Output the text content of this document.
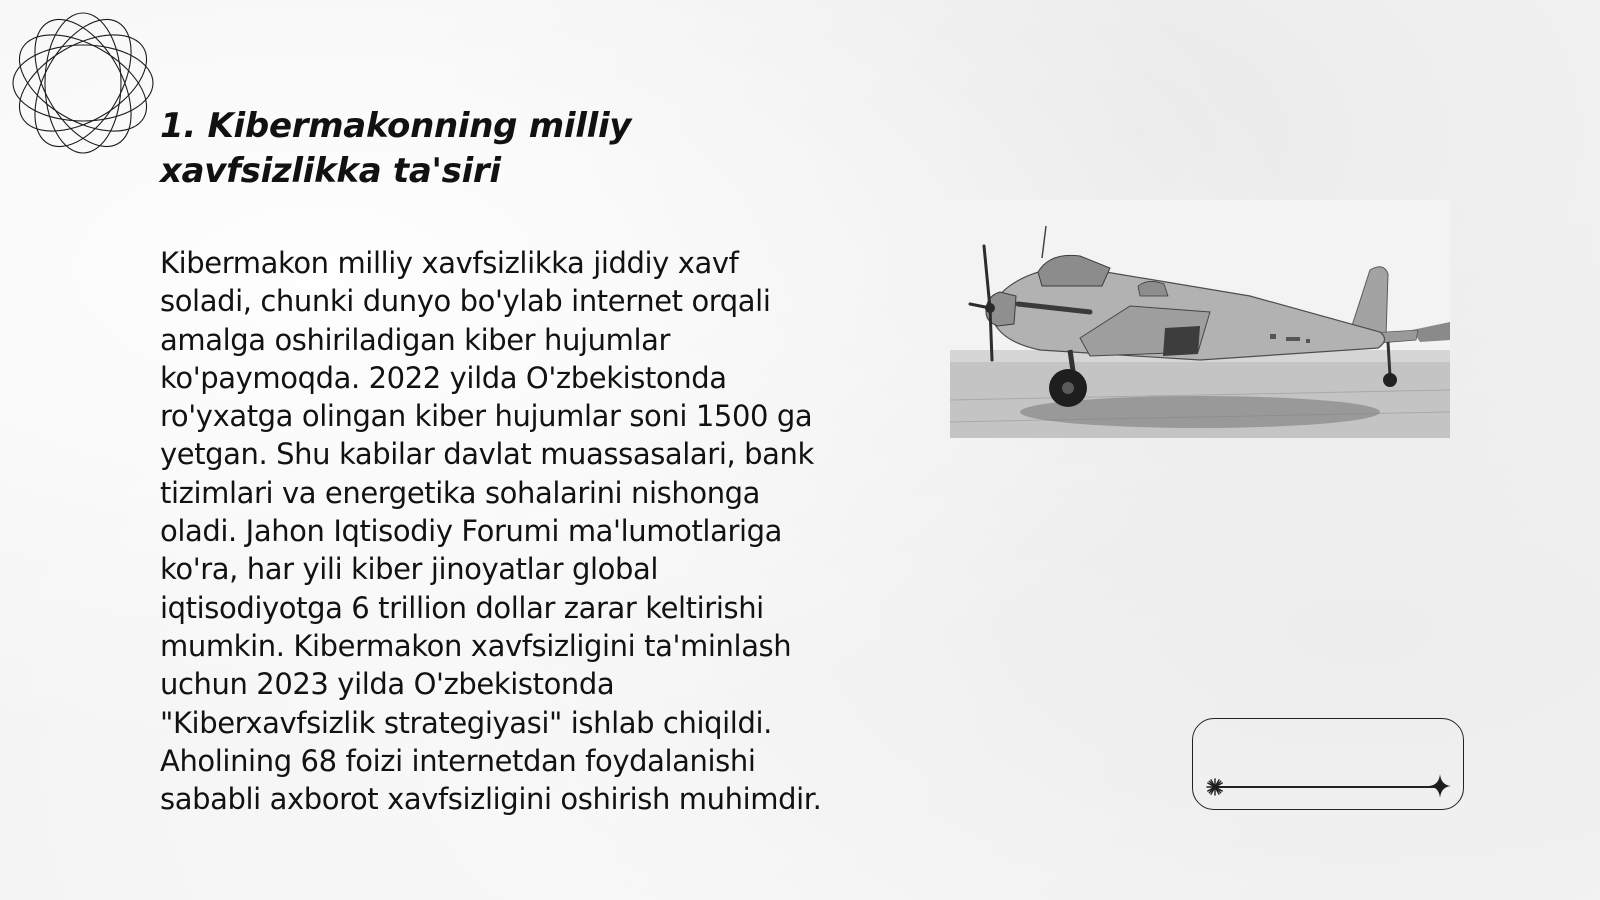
1. Kibermakonning milliy xavfsizlikka ta'siri

Kibermakon milliy xavfsizlikka jiddiy xavf soladi, chunki dunyo bo'ylab internet orqali amalga oshiriladigan kiber hujumlar ko'paymoqda. 2022 yilda O'zbekistonda ro'yxatga olingan kiber hujumlar soni 1500 ga yetgan. Shu kabilar davlat muassasalari, bank tizimlari va energetika sohalarini nishonga oladi. Jahon Iqtisodiy Forumi ma'lumotlariga ko'ra, har yili kiber jinoyatlar global iqtisodiyotga 6 trillion dollar zarar keltirishi mumkin. Kibermakon xavfsizligini ta'minlash uchun 2023 yilda O'zbekistonda "Kiberxavfsizlik strategiyasi" ishlab chiqildi. Aholining 68 foizi internetdan foydalanishi sababli axborot xavfsizligini oshirish muhimdir.
